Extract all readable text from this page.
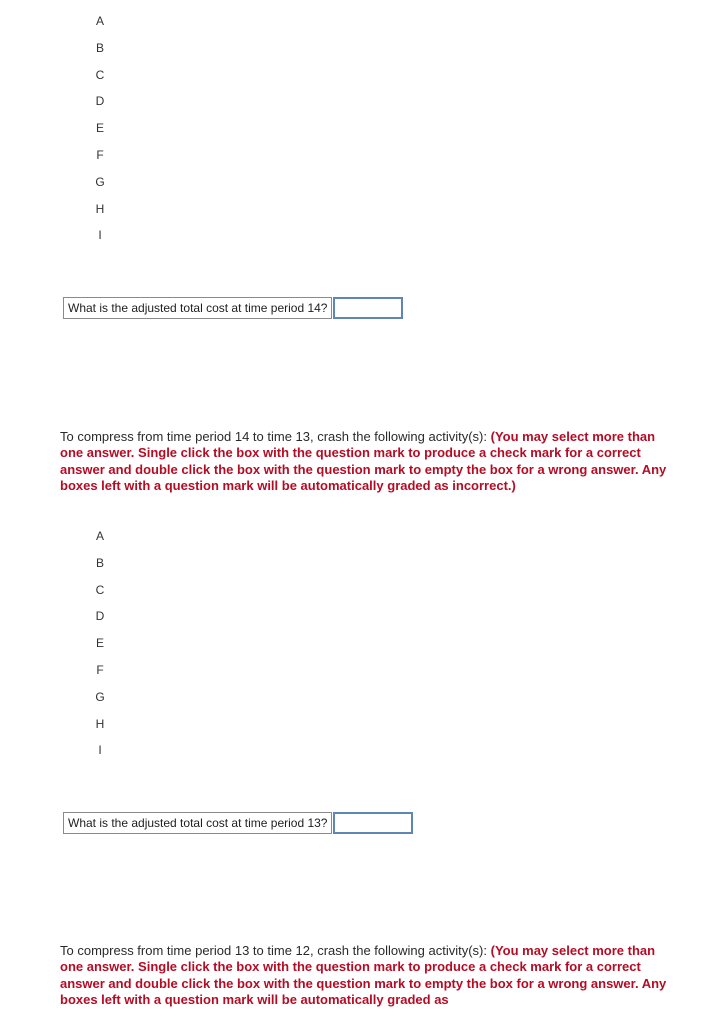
A
B
C
D
E
F
G
H
I
What is the adjusted total cost at time period 14?

To compress from time period 14 to time 13, crash the following activity(s): (You may select more than one answer. Single click the box with the question mark to produce a check mark for a correct answer and double click the box with the question mark to empty the box for a wrong answer. Any boxes left with a question mark will be automatically graded as incorrect.)

A
B
C
D
E
F
G
H
I
What is the adjusted total cost at time period 13?

To compress from time period 13 to time 12, crash the following activity(s): (You may select more than one answer. Single click the box with the question mark to produce a check mark for a correct answer and double click the box with the question mark to empty the box for a wrong answer. Any boxes left with a question mark will be automatically graded as
